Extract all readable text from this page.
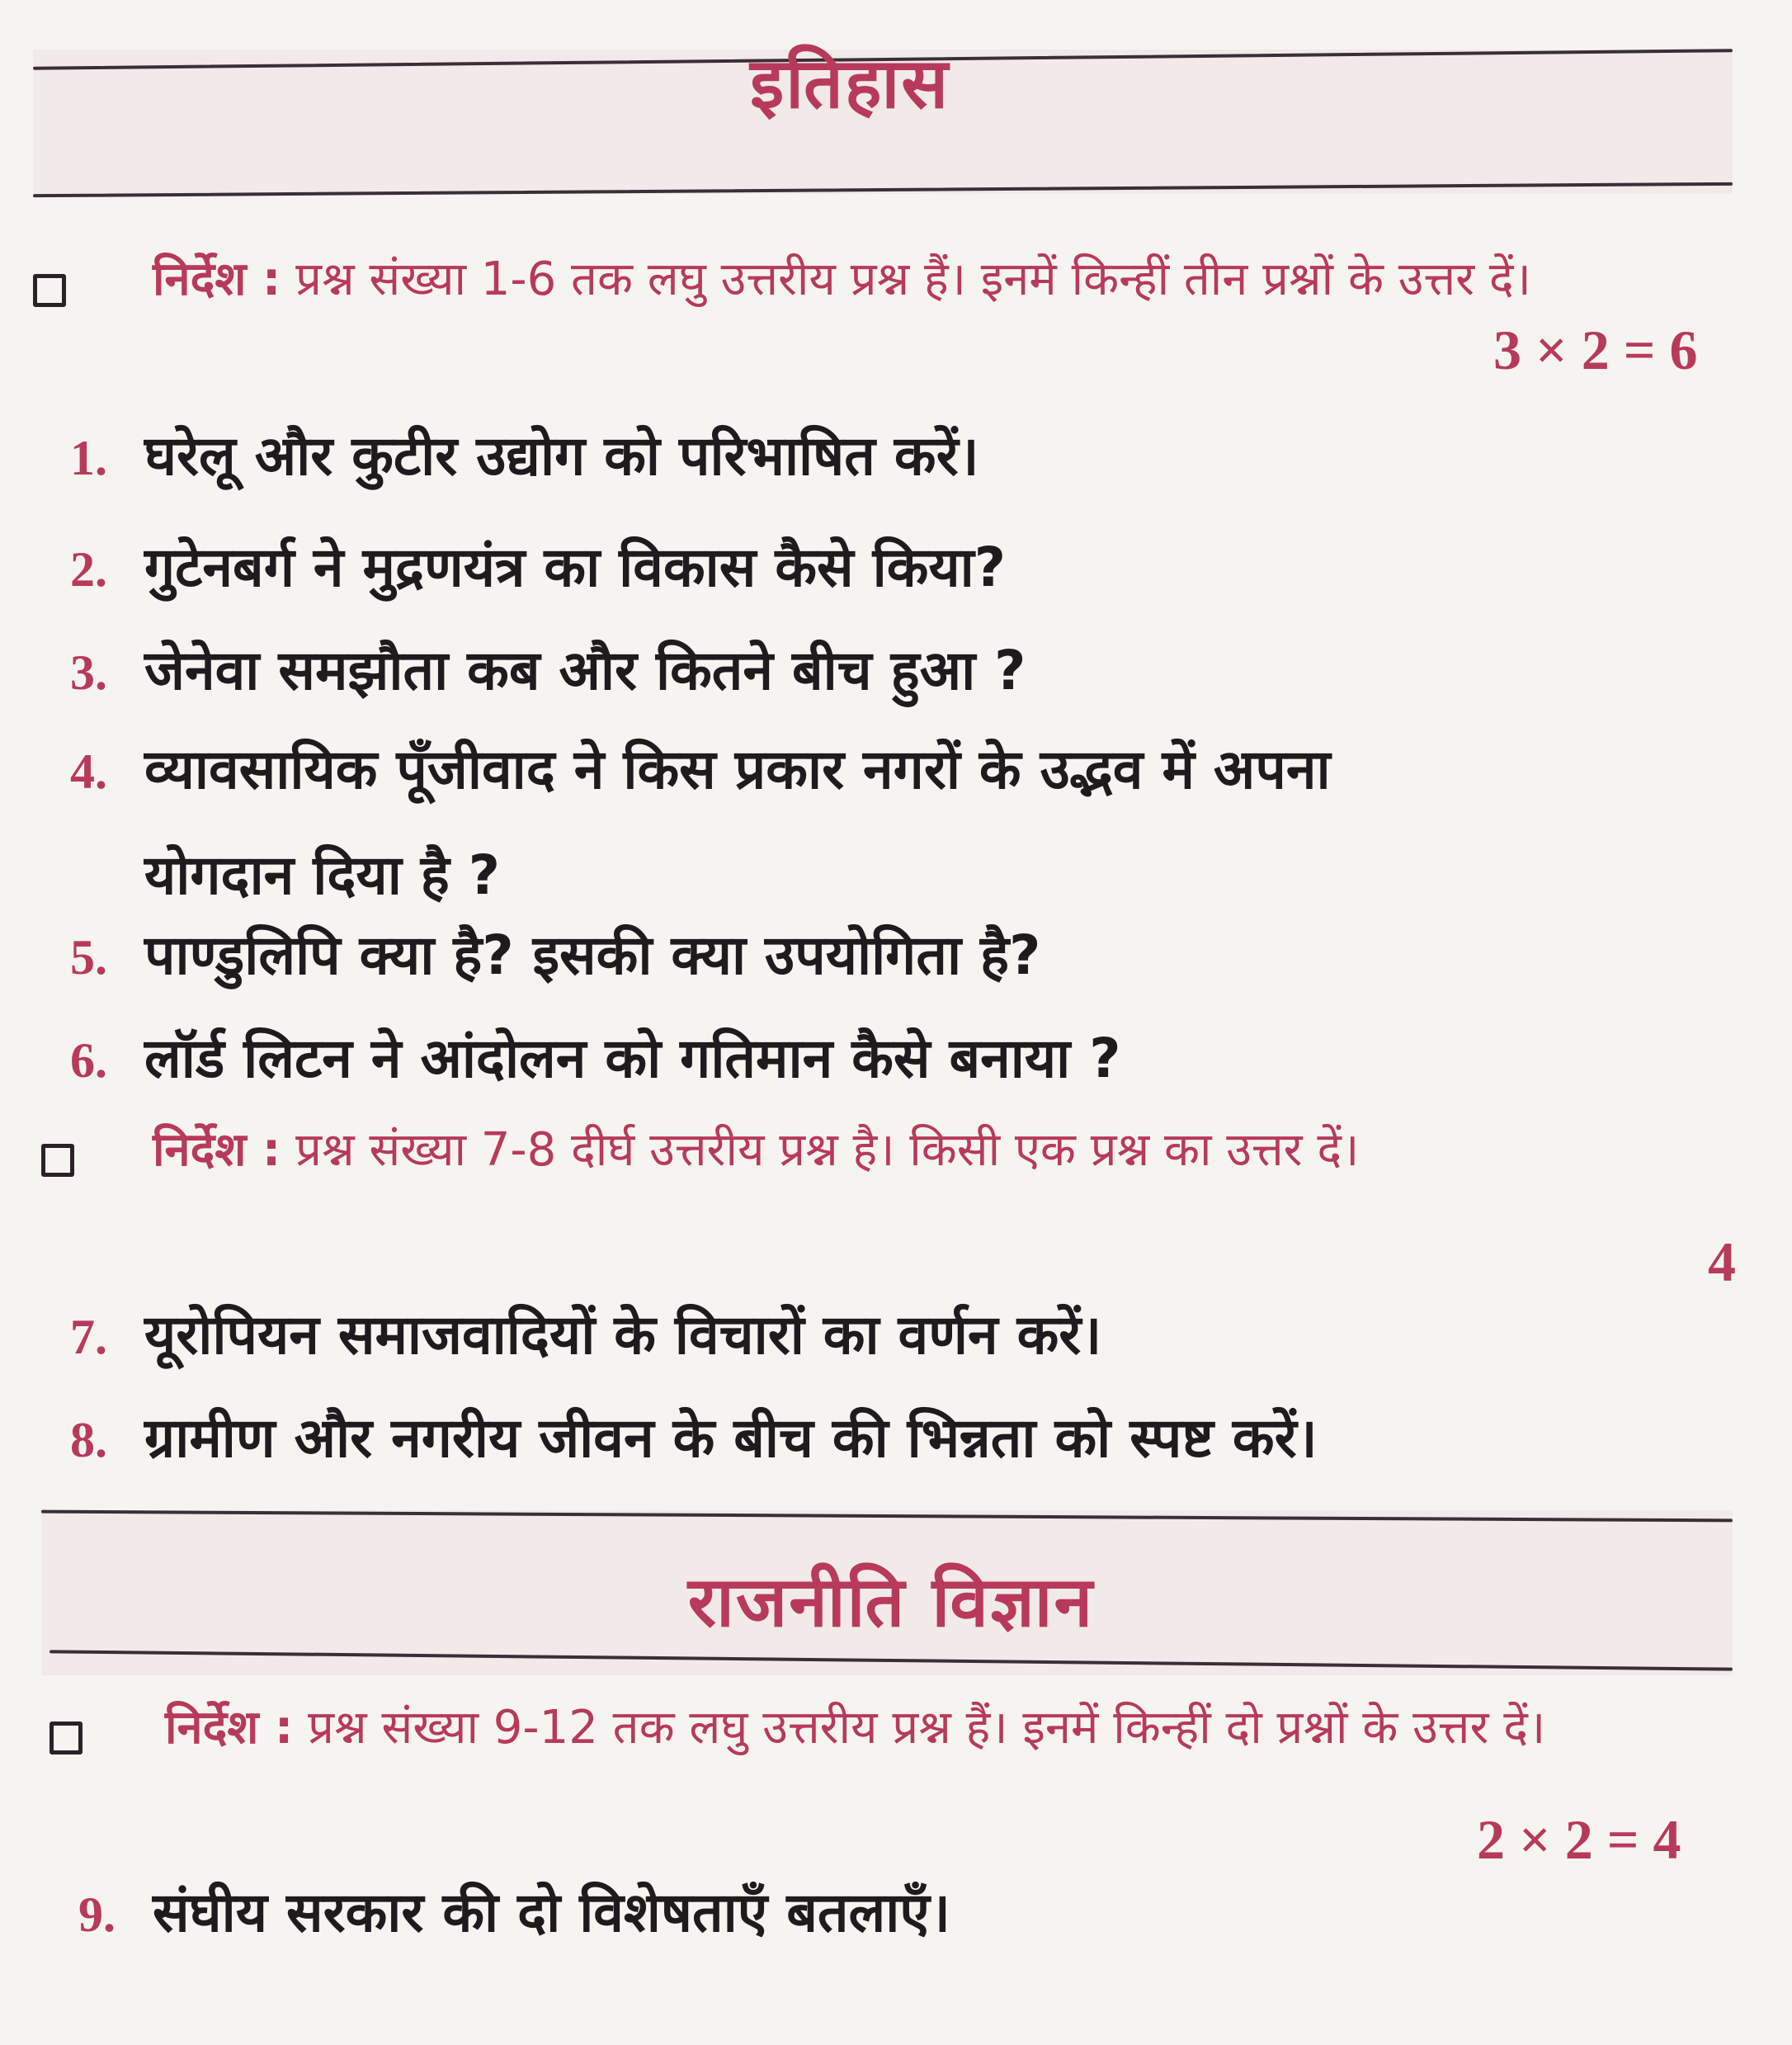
इतिहास
निर्देश : प्रश्न संख्या 1-6 तक लघु उत्तरीय प्रश्न हैं। इनमें किन्हीं तीन प्रश्नों के उत्तर दें।
3 × 2 = 6
1. घरेलू और कुटीर उद्योग को परिभाषित करें।
2. गुटेनबर्ग ने मुद्रणयंत्र का विकास कैसे किया?
3. जेनेवा समझौता कब और कितने बीच हुआ ?
4. व्यावसायिक पूँजीवाद ने किस प्रकार नगरों के उद्भव में अपना
योगदान दिया है ?
5. पाण्डुलिपि क्या है? इसकी क्या उपयोगिता है?
6. लॉर्ड लिटन ने आंदोलन को गतिमान कैसे बनाया ?
निर्देश : प्रश्न संख्या 7-8 दीर्घ उत्तरीय प्रश्न है। किसी एक प्रश्न का उत्तर दें।
4
7. यूरोपियन समाजवादियों के विचारों का वर्णन करें।
8. ग्रामीण और नगरीय जीवन के बीच की भिन्नता को स्पष्ट करें।
राजनीति विज्ञान
निर्देश : प्रश्न संख्या 9-12 तक लघु उत्तरीय प्रश्न हैं। इनमें किन्हीं दो प्रश्नों के उत्तर दें।
2 × 2 = 4
9. संघीय सरकार की दो विशेषताएँ बतलाएँ।
